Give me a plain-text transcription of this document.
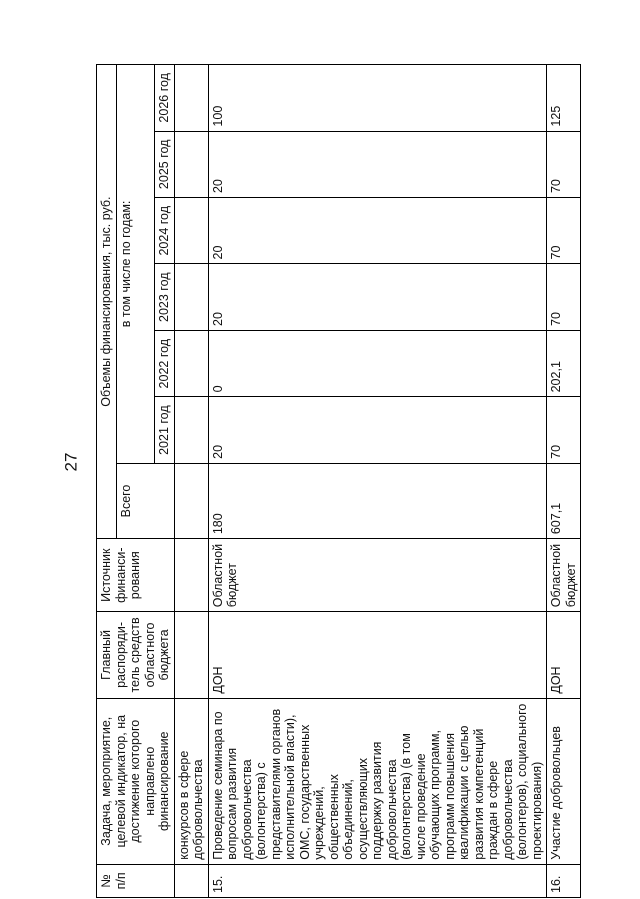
27
№ п/п	Задача, мероприятие, целевой индикатор, на достижение которого направлено финансирование	Главный распоряди-тель средств областного бюджета	Источник финанси-рования	Объемы финансирования, тыс. руб.						
				Всего	в том числе по годам:					
					2021 год	2022 год	2023 год	2024 год	2025 год	2026 год
	конкурсов в сфере добровольчества									
15.	Проведение семинара по вопросам развития добровольчества (волонтерства) с представителями органов исполнительной власти), ОМС, государственных учреждений, общественных объединений, осуществляющих поддержку развития добровольчества (волонтерства) (в том числе проведение обучающих программ, программ повышения квалификации с целью развития компетенций граждан в сфере добровольчества (волонтеров), социального проектирования)	ДОН	Областной бюджет	180	20	0	20	20	20	100
16.	Участие добровольцев	ДОН	Областной бюджет	607,1	70	202,1	70	70	70	125
